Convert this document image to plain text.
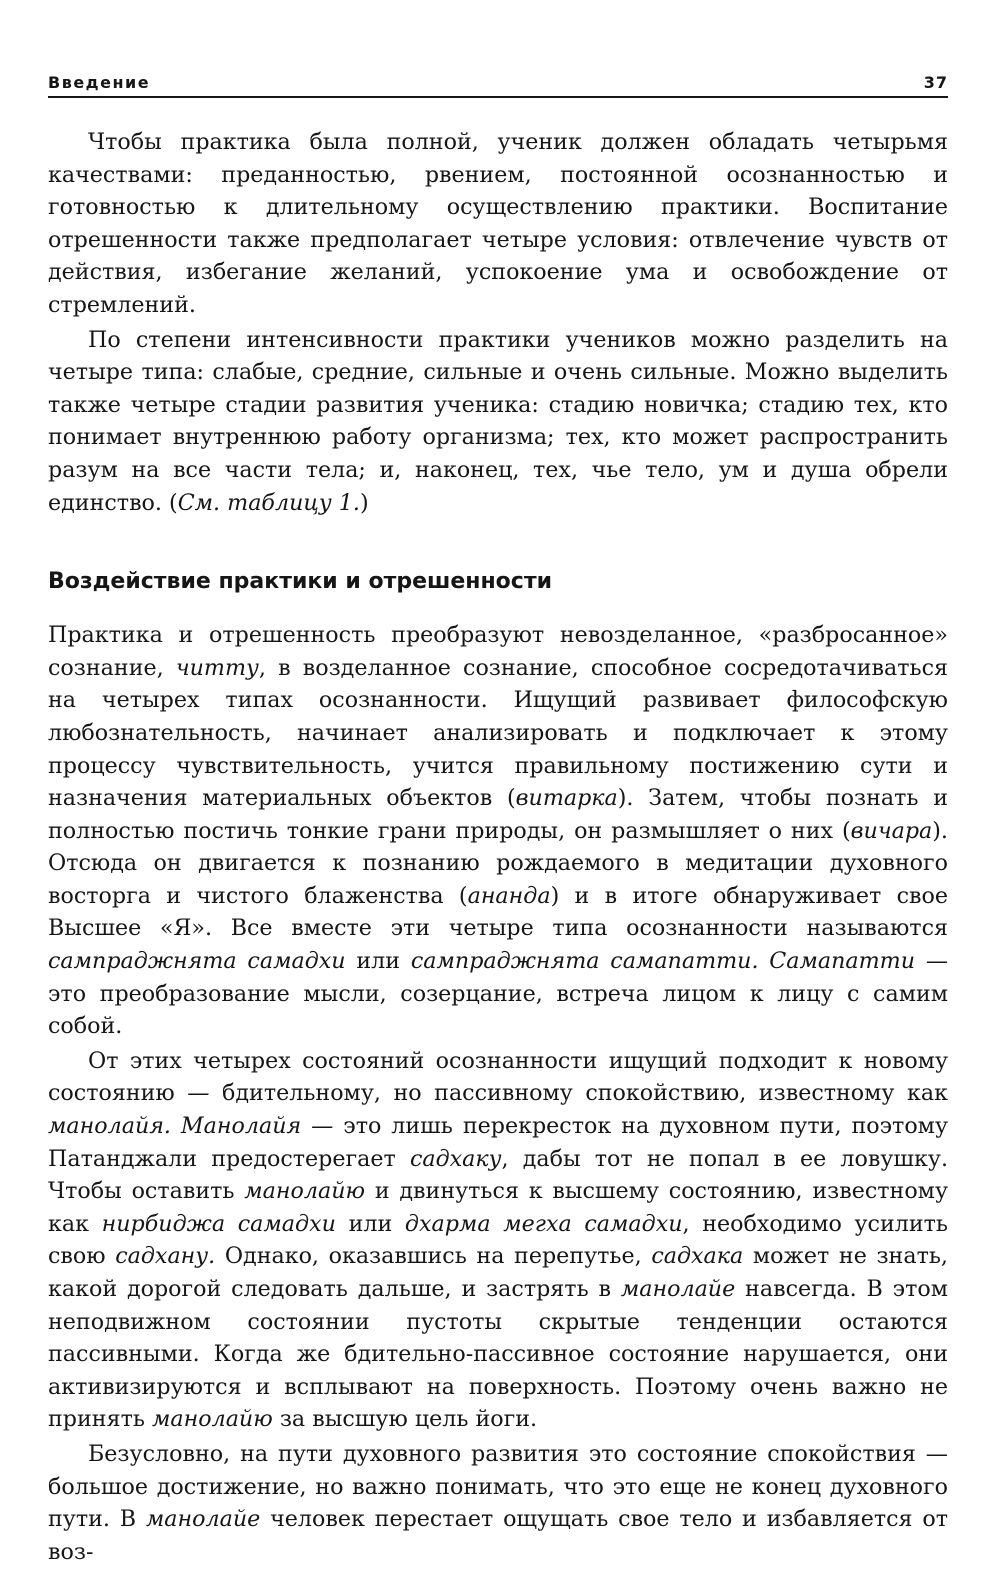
Введение	37

Чтобы практика была полной, ученик должен обладать четырьмя качествами: преданностью, рвением, постоянной осознанностью и готовностью к длительному осуществлению практики. Воспитание отрешенности также предполагает четыре условия: отвлечение чувств от действия, избегание желаний, успокоение ума и освобождение от стремлений.

По степени интенсивности практики учеников можно разделить на четыре типа: слабые, средние, сильные и очень сильные. Можно выделить также четыре стадии развития ученика: стадию новичка; стадию тех, кто понимает внутреннюю работу организма; тех, кто может распространить разум на все части тела; и, наконец, тех, чье тело, ум и душа обрели единство. (См. таблицу 1.)

Воздействие практики и отрешенности

Практика и отрешенность преобразуют невозделанное, «разбросанное» сознание, читту, в возделанное сознание, способное сосредотачиваться на четырех типах осознанности. Ищущий развивает философскую любознательность, начинает анализировать и подключает к этому процессу чувствительность, учится правильному постижению сути и назначения материальных объектов (витарка). Затем, чтобы познать и полностью постичь тонкие грани природы, он размышляет о них (вичара). Отсюда он двигается к познанию рождаемого в медитации духовного восторга и чистого блаженства (ананда) и в итоге обнаруживает свое Высшее «Я». Все вместе эти четыре типа осознанности называются сампраджнята самадхи или сампраджнята самапатти. Самапатти — это преобразование мысли, созерцание, встреча лицом к лицу с самим собой.

От этих четырех состояний осознанности ищущий подходит к новому состоянию — бдительному, но пассивному спокойствию, известному как манолайя. Манолайя — это лишь перекресток на духовном пути, поэтому Патанджали предостерегает садхаку, дабы тот не попал в ее ловушку. Чтобы оставить манолайю и двинуться к высшему состоянию, известному как нирбиджа самадхи или дхарма мегха самадхи, необходимо усилить свою садхану. Однако, оказавшись на перепутье, садхака может не знать, какой дорогой следовать дальше, и застрять в манолайе навсегда. В этом неподвижном состоянии пустоты скрытые тенденции остаются пассивными. Когда же бдительно-пассивное состояние нарушается, они активизируются и всплывают на поверхность. Поэтому очень важно не принять манолайю за высшую цель йоги.

Безусловно, на пути духовного развития это состояние спокойствия — большое достижение, но важно понимать, что это еще не конец духовного пути. В манолайе человек перестает ощущать свое тело и избавляется от воз-
